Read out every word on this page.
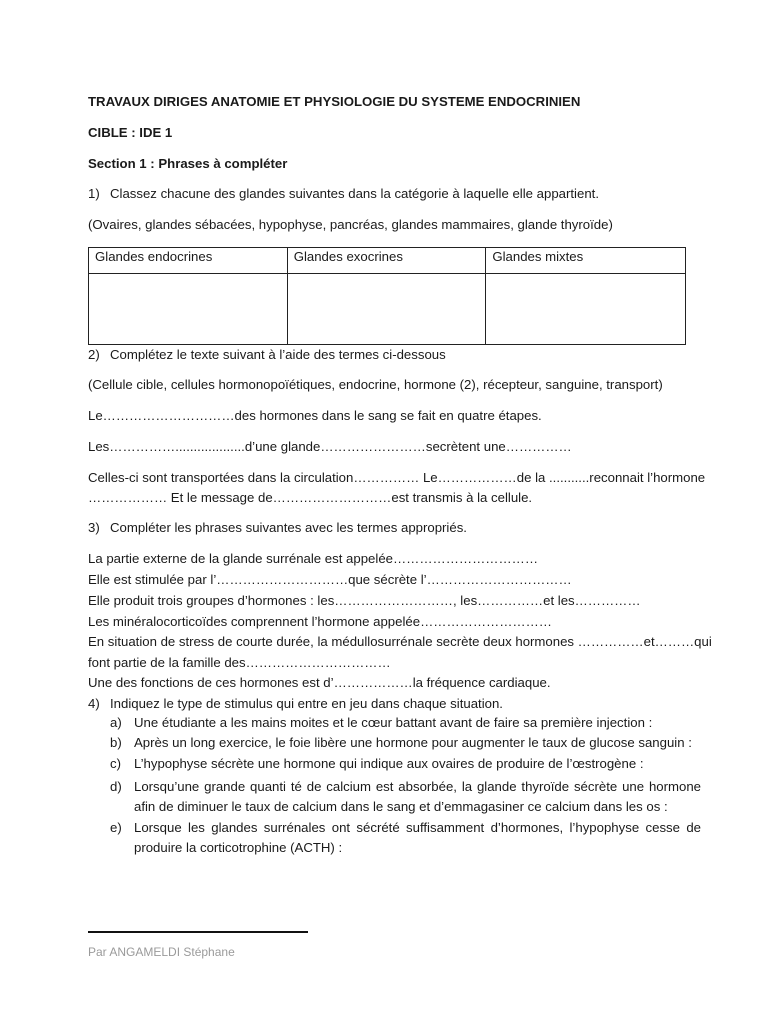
TRAVAUX DIRIGES ANATOMIE ET PHYSIOLOGIE DU SYSTEME ENDOCRINIEN
CIBLE : IDE 1
Section 1 : Phrases à compléter
1) Classez chacune des glandes suivantes dans la catégorie à laquelle elle appartient.
(Ovaires, glandes sébacées, hypophyse, pancréas, glandes mammaires, glande thyroïde)
Glandes endocrines	Glandes exocrines	Glandes mixtes

2) Complétez le texte suivant à l’aide des termes ci-dessous
(Cellule cible, cellules hormonopoïétiques, endocrine, hormone (2), récepteur, sanguine, transport)
Le…………………………des hormones dans le sang se fait en quatre étapes.
Les……………...................d’une glande……………………secrètent une……………
Celles-ci sont transportées dans la circulation…………… Le………………de la ...........reconnait l’hormone
……………… Et le message de………………………est transmis à la cellule.
3) Compléter les phrases suivantes avec les termes appropriés.
La partie externe de la glande surrénale est appelée……………………………
Elle est stimulée par l’…………………………que sécrète l’……………………………
Elle produit trois groupes d’hormones : les………………………, les……………et les……………
Les minéralocorticoïdes comprennent l’hormone appelée…………………………
En situation de stress de courte durée, la médullosurrénale secrète deux hormones ……………et………qui
font partie de la famille des……………………………
Une des fonctions de ces hormones est d’………………la fréquence cardiaque.
4) Indiquez le type de stimulus qui entre en jeu dans chaque situation.
a) Une étudiante a les mains moites et le cœur battant avant de faire sa première injection :
b) Après un long exercice, le foie libère une hormone pour augmenter le taux de glucose sanguin :
c) L’hypophyse sécrète une hormone qui indique aux ovaires de produire de l’œstrogène :
d) Lorsqu’une grande quanti té de calcium est absorbée, la glande thyroïde sécrète une hormone afin de diminuer le taux de calcium dans le sang et d’emmagasiner ce calcium dans les os :
e) Lorsque les glandes surrénales ont sécrété suffisamment d’hormones, l’hypophyse cesse de produire la corticotrophine (ACTH) :
Par ANGAMELDI Stéphane
